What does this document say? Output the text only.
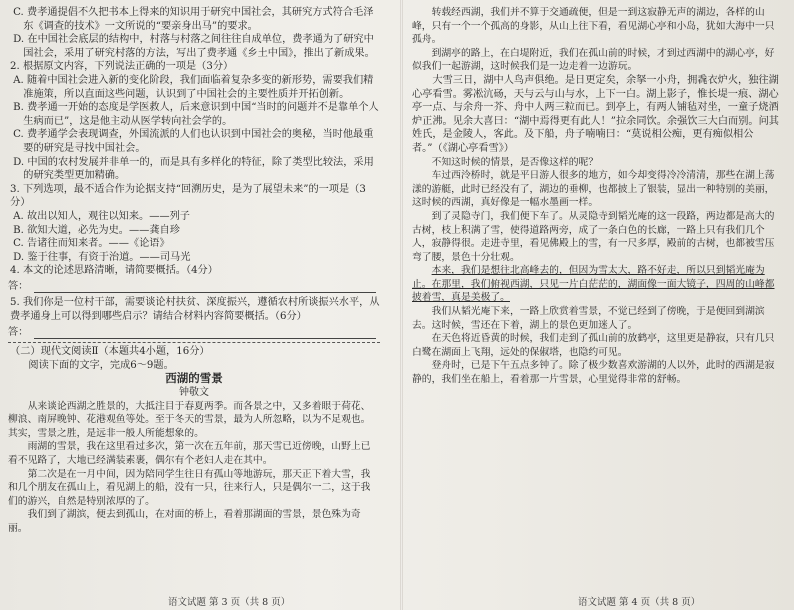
C. 费孝通提倡不久把书本上得来的知识用于研究中国社会，其研究方式符合毛泽东《调查的技术》一文所说的“要亲身出马”的要求。

D. 在中国社会底层的结构中，村落与村落之间往往自成单位，费孝通为了研究中国社会，采用了研究村落的方法，写出了费孝通《乡土中国》，推出了新成果。

2. 根据原文内容，下列说法正确的一项是（3分）

A. 随着中国社会进入新的变化阶段，我们面临着复杂多变的新形势，需要我们精准施策，所以直面这些问题，认识到了中国社会的主要性质并开拓创新。

B. 费孝通一开始的态度是学医救人，后来意识到中国“当时的问题并不是靠单个人生病而已”，这是他主动从医学转向社会学的。

C. 费孝通学会表现调查，外国流派的人们也认识到中国社会的奥秘，当时他最重要的研究是寻找中国社会。

D. 中国的农村发展并非单一的，而是具有多样化的特征，除了类型比较法，采用的研究类型更加精确。

3. 下列选项，最不适合作为论据支持“回溯历史，是为了展望未来”的一项是（3分）

A. 故出以知人，观往以知来。——列子

B. 欲知大道，必先为史。——龚自珍

C. 告诸往而知来者。——《论语》

D. 鉴于往事，有资于治道。——司马光

4. 本文的论述思路清晰，请简要概括。（4分）

答：

5. 我们你是一位村干部，需要谈论村扶贫、深度振兴，遵循农村所谈振兴水平，从费孝通身上可以得到哪些启示？请结合材料内容简要概括。（6分）

答：

（二）现代文阅读Ⅱ（本题共4小题，16分）

阅读下面的文字，完成6～9题。

西湖的雪景

钟敬文

从来谈论西湖之胜景的，大抵注目于春夏两季。而各景之中，又多着眼于荷花、柳浪、南屏晚钟、花港观鱼等处。至于冬天的雪景，最为人所忽略，以为不足观也。其实，雪景之胜，是远非一般人所能想象的。

雨湖的雪景，我在这里看过多次，第一次在五年前，那天雪已近傍晚，山野上已看不见路了，大地已经满装素裹，偶尔有个老妇人走在其中。

第二次是在一月中间，因为陪同学生往日有孤山等地游玩，那天正下着大雪，我和几个朋友在孤山上，看见湖上的船，没有一只，往来行人，只是偶尔一二，这于我们的游兴，自然是特别浓厚的了。

我们到了湖滨，便去到孤山，在对面的桥上，看着那湖面的雪景，景色殊为奇丽。

转载经西湖，我们并不算于交通疏便，但是一到这寂静无声的湖边，各样的山峰，只有一个一个孤高的身影，从山上往下看，看见湖心亭和小岛，犹如大海中一只孤舟。

到湖亭的路上，在白堤附近，我们在孤山前的时候，才到过西湖中的湖心亭，好似我们一起游湖，这时候我们是一边走着一边游玩。

大雪三日，湖中人鸟声俱绝。是日更定矣，余拏一小舟，拥毳衣炉火，独往湖心亭看雪。雾凇沆砀，天与云与山与水，上下一白。湖上影子，惟长堤一痕、湖心亭一点、与余舟一芥、舟中人两三粒而已。到亭上，有两人铺毡对坐，一童子烧酒炉正沸。见余大喜曰：“湖中焉得更有此人！”拉余同饮。余强饮三大白而别。问其姓氏，是金陵人，客此。及下船，舟子喃喃曰：“莫说相公痴，更有痴似相公者。”（《湖心亭看雪》）

不知这时候的情景，是否像这样的呢？

车过西泠桥时，就是平日游人很多的地方，如今却变得冷冷清清，那些在湖上荡漾的游艇，此时已经没有了，湖边的垂柳，也都披上了银装，显出一种特别的美丽，这时候的西湖，真好像是一幅水墨画一样。

到了灵隐寺门，我们便下车了。从灵隐寺到韬光庵的这一段路，两边都是高大的古树，枝上积满了雪，使得道路两旁，成了一条白色的长廊，一路上只有我们几个人，寂静得很。走进寺里，看见佛殿上的雪，有一尺多厚，殿前的古树，也都被雪压弯了腰，景色十分壮观。

本来，我们是想往北高峰去的，但因为雪太大，路不好走，所以只到韬光庵为止。在那里，我们俯视西湖，只见一片白茫茫的，湖面像一面大镜子，四周的山峰都披着雪，真是美极了。

我们从韬光庵下来，一路上欣赏着雪景，不觉已经到了傍晚，于是便回到湖滨去。这时候，雪还在下着，湖上的景色更加迷人了。

在天色将近昏黄的时候，我们走到了孤山前的放鹤亭，这里更是静寂，只有几只白鹭在湖面上飞翔，远处的保俶塔，也隐约可见。

登舟时，已是下午五点多钟了。除了极少数喜欢游湖的人以外，此时的西湖是寂静的，我们坐在船上，看着那一片雪景，心里觉得非常的舒畅。

语文试题 第 3 页（共 8 页）	语文试题 第 4 页（共 8 页）
